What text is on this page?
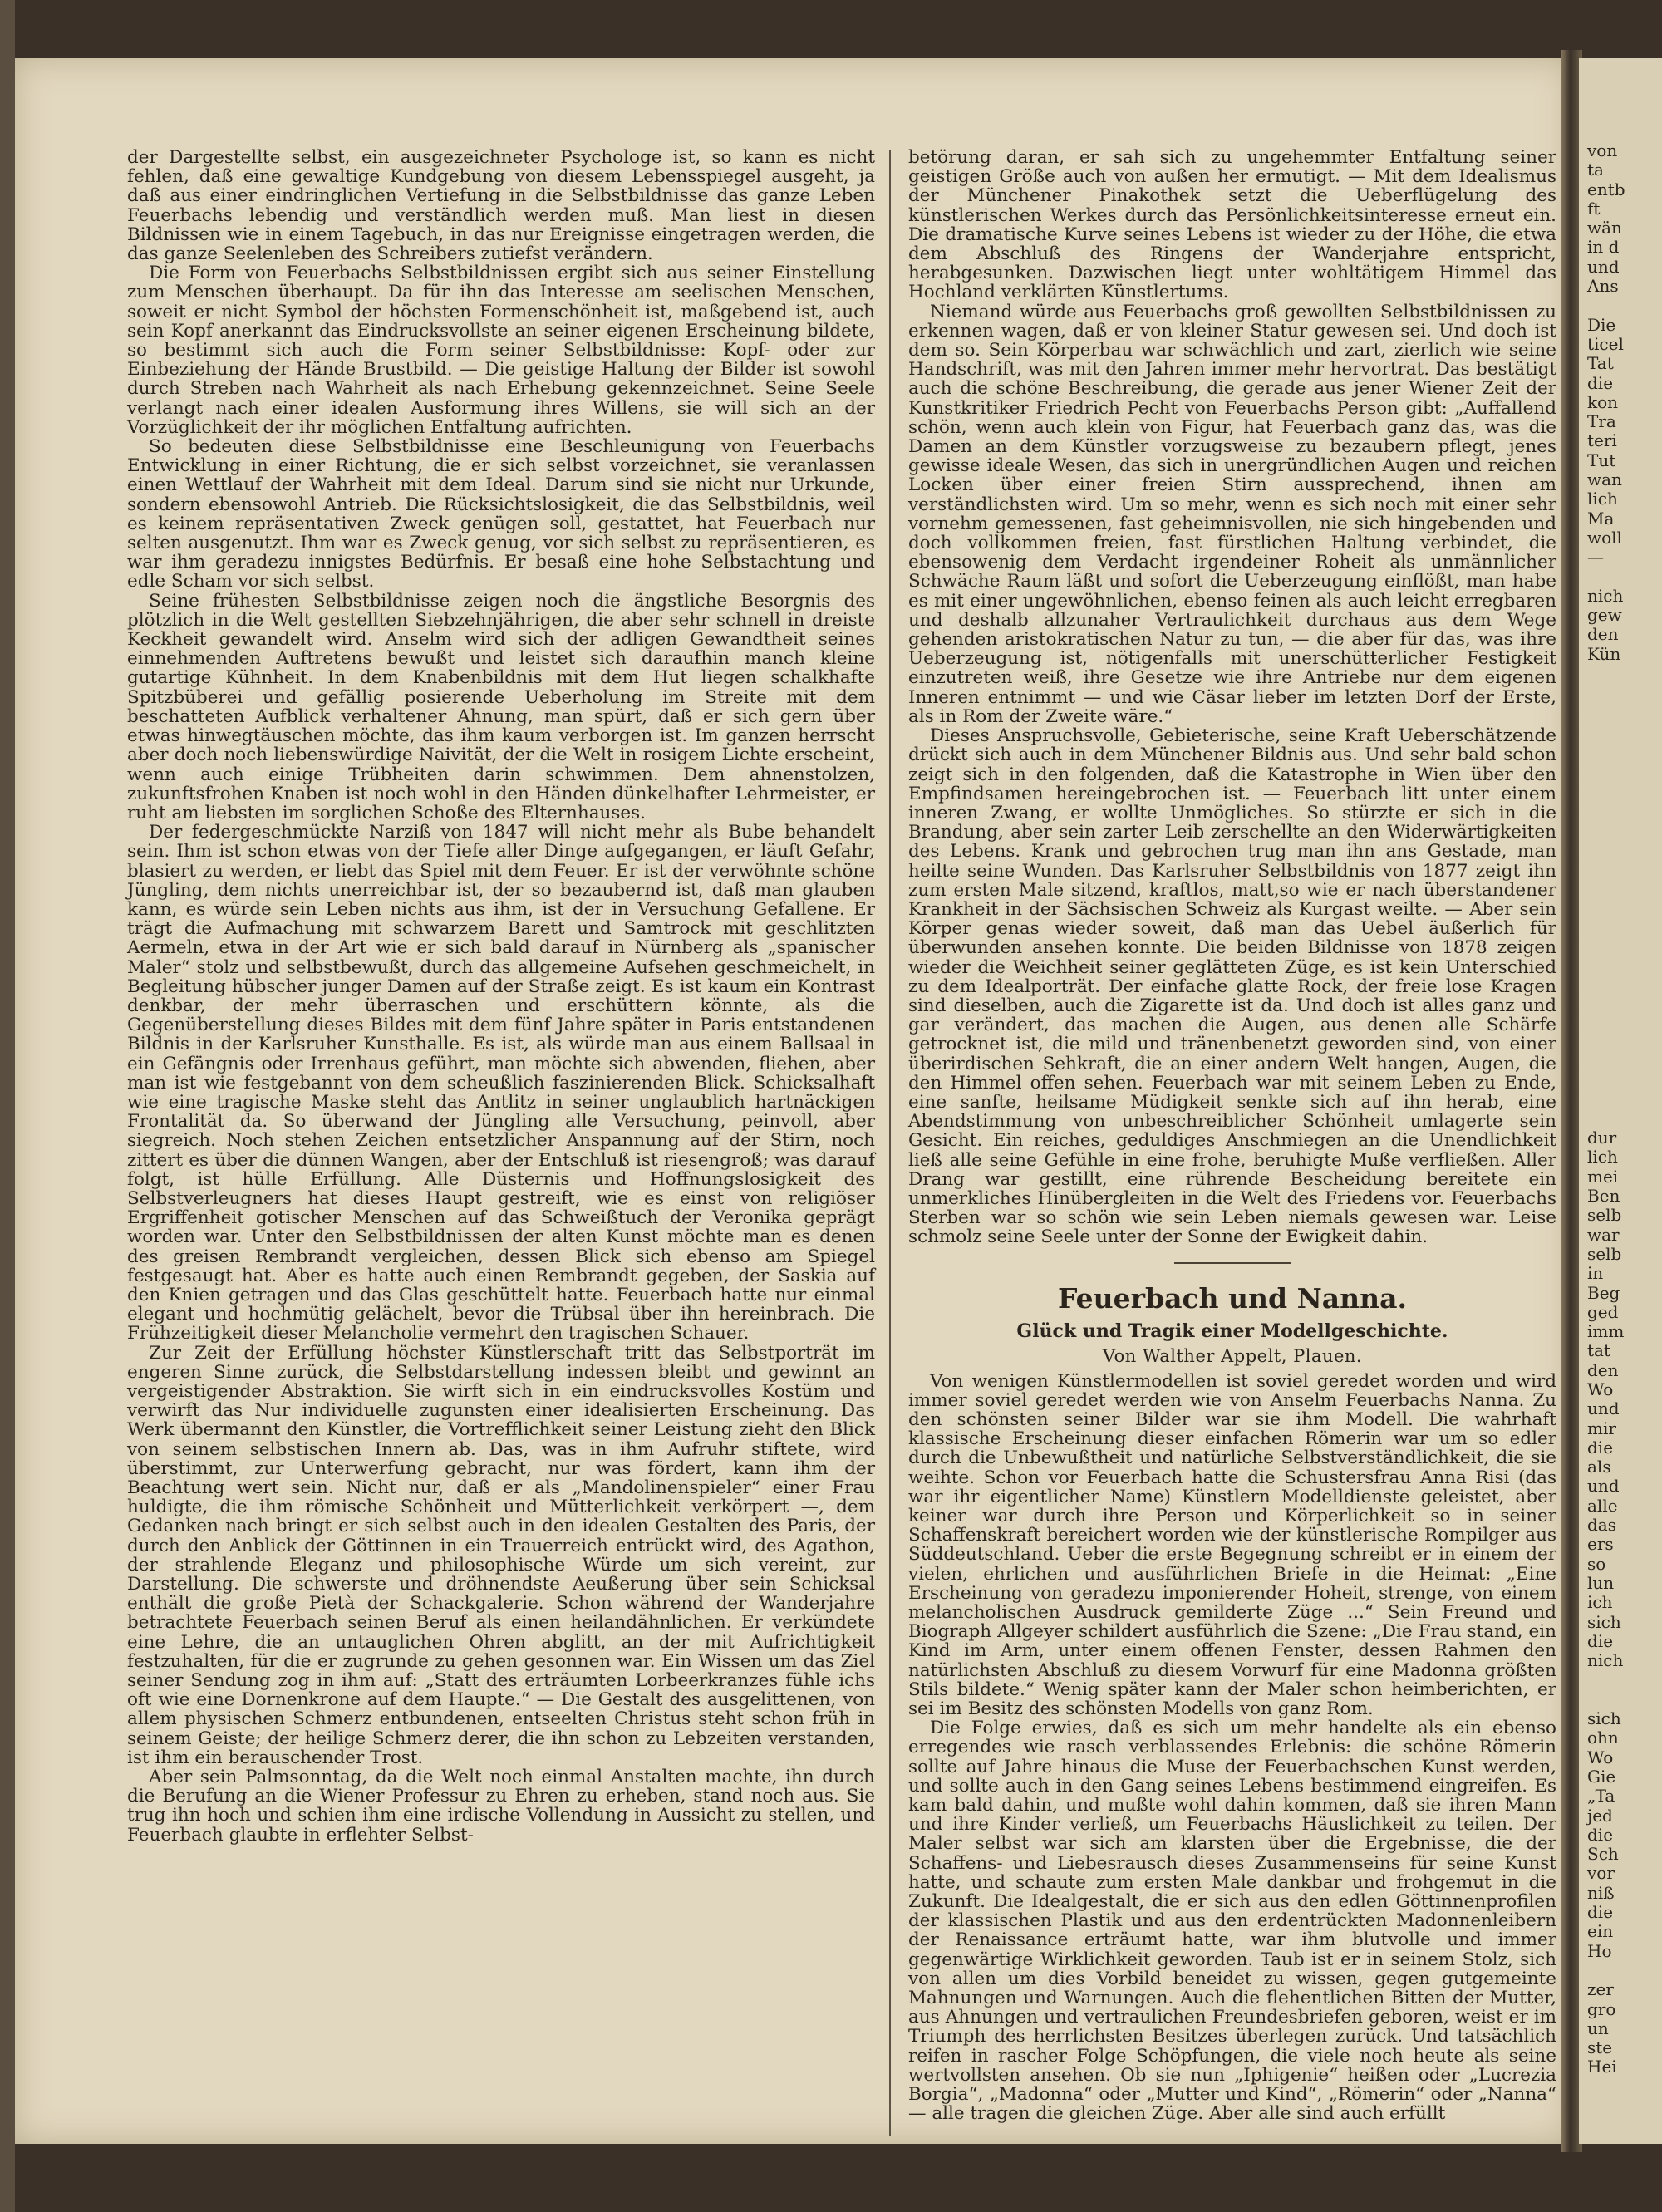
der Dargestellte selbst, ein ausgezeichneter Psychologe ist, so kann es nicht fehlen, daß eine gewaltige Kundgebung von diesem Lebensspiegel ausgeht, ja daß aus einer eindringlichen Vertiefung in die Selbstbildnisse das ganze Leben Feuerbachs lebendig und verständlich werden muß. Man liest in diesen Bildnissen wie in einem Tagebuch, in das nur Ereignisse eingetragen werden, die das ganze Seelenleben des Schreibers zutiefst verändern.

Die Form von Feuerbachs Selbstbildnissen ergibt sich aus seiner Einstellung zum Menschen überhaupt. Da für ihn das Interesse am seelischen Menschen, soweit er nicht Symbol der höchsten Formenschönheit ist, maßgebend ist, auch sein Kopf anerkannt das Eindrucksvollste an seiner eigenen Erscheinung bildete, so bestimmt sich auch die Form seiner Selbstbildnisse: Kopf- oder zur Einbeziehung der Hände Brustbild. — Die geistige Haltung der Bilder ist sowohl durch Streben nach Wahrheit als nach Erhebung gekennzeichnet. Seine Seele verlangt nach einer idealen Ausformung ihres Willens, sie will sich an der Vorzüglichkeit der ihr möglichen Entfaltung aufrichten.

So bedeuten diese Selbstbildnisse eine Beschleunigung von Feuerbachs Entwicklung in einer Richtung, die er sich selbst vorzeichnet, sie veranlassen einen Wettlauf der Wahrheit mit dem Ideal. Darum sind sie nicht nur Urkunde, sondern ebensowohl Antrieb. Die Rücksichtslosigkeit, die das Selbstbildnis, weil es keinem repräsentativen Zweck genügen soll, gestattet, hat Feuerbach nur selten ausgenutzt. Ihm war es Zweck genug, vor sich selbst zu repräsentieren, es war ihm geradezu innigstes Bedürfnis. Er besaß eine hohe Selbstachtung und edle Scham vor sich selbst.

Seine frühesten Selbstbildnisse zeigen noch die ängstliche Besorgnis des plötzlich in die Welt gestellten Siebzehnjährigen, die aber sehr schnell in dreiste Keckheit gewandelt wird. Anselm wird sich der adligen Gewandtheit seines einnehmenden Auftretens bewußt und leistet sich daraufhin manch kleine gutartige Kühnheit. In dem Knabenbildnis mit dem Hut liegen schalkhafte Spitzbüberei und gefällig posierende Ueberholung im Streite mit dem beschatteten Aufblick verhaltener Ahnung, man spürt, daß er sich gern über etwas hinwegtäuschen möchte, das ihm kaum verborgen ist. Im ganzen herrscht aber doch noch liebenswürdige Naivität, der die Welt in rosigem Lichte erscheint, wenn auch einige Trübheiten darin schwimmen. Dem ahnenstolzen, zukunftsfrohen Knaben ist noch wohl in den Händen dünkelhafter Lehrmeister, er ruht am liebsten im sorglichen Schoße des Elternhauses.

Der federgeschmückte Narziß von 1847 will nicht mehr als Bube behandelt sein. Ihm ist schon etwas von der Tiefe aller Dinge aufgegangen, er läuft Gefahr, blasiert zu werden, er liebt das Spiel mit dem Feuer. Er ist der verwöhnte schöne Jüngling, dem nichts unerreichbar ist, der so bezaubernd ist, daß man glauben kann, es würde sein Leben nichts aus ihm, ist der in Versuchung Gefallene. Er trägt die Aufmachung mit schwarzem Barett und Samtrock mit geschlitzten Aermeln, etwa in der Art wie er sich bald darauf in Nürnberg als „spanischer Maler“ stolz und selbstbewußt, durch das allgemeine Aufsehen geschmeichelt, in Begleitung hübscher junger Damen auf der Straße zeigt. Es ist kaum ein Kontrast denkbar, der mehr überraschen und erschüttern könnte, als die Gegenüberstellung dieses Bildes mit dem fünf Jahre später in Paris entstandenen Bildnis in der Karlsruher Kunsthalle. Es ist, als würde man aus einem Ballsaal in ein Gefängnis oder Irrenhaus geführt, man möchte sich abwenden, fliehen, aber man ist wie festgebannt von dem scheußlich faszinierenden Blick. Schicksalhaft wie eine tragische Maske steht das Antlitz in seiner unglaublich hartnäckigen Frontalität da. So überwand der Jüngling alle Versuchung, peinvoll, aber siegreich. Noch stehen Zeichen entsetzlicher Anspannung auf der Stirn, noch zittert es über die dünnen Wangen, aber der Entschluß ist riesengroß; was darauf folgt, ist hülle Erfüllung. Alle Düsternis und Hoffnungslosigkeit des Selbstverleugners hat dieses Haupt gestreift, wie es einst von religiöser Ergriffenheit gotischer Menschen auf das Schweißtuch der Veronika geprägt worden war. Unter den Selbstbildnissen der alten Kunst möchte man es denen des greisen Rembrandt vergleichen, dessen Blick sich ebenso am Spiegel festgesaugt hat. Aber es hatte auch einen Rembrandt gegeben, der Saskia auf den Knien getragen und das Glas geschüttelt hatte. Feuerbach hatte nur einmal elegant und hochmütig gelächelt, bevor die Trübsal über ihn hereinbrach. Die Frühzeitigkeit dieser Melancholie vermehrt den tragischen Schauer.

Zur Zeit der Erfüllung höchster Künstlerschaft tritt das Selbstporträt im engeren Sinne zurück, die Selbstdarstellung indessen bleibt und gewinnt an vergeistigender Abstraktion. Sie wirft sich in ein eindrucksvolles Kostüm und verwirft das Nur individuelle zugunsten einer idealisierten Erscheinung. Das Werk übermannt den Künstler, die Vortrefflichkeit seiner Leistung zieht den Blick von seinem selbstischen Innern ab. Das, was in ihm Aufruhr stiftete, wird überstimmt, zur Unterwerfung gebracht, nur was fördert, kann ihm der Beachtung wert sein. Nicht nur, daß er als „Mandolinenspieler“ einer Frau huldigte, die ihm römische Schönheit und Mütterlichkeit verkörpert —, dem Gedanken nach bringt er sich selbst auch in den idealen Gestalten des Paris, der durch den Anblick der Göttinnen in ein Trauerreich entrückt wird, des Agathon, der strahlende Eleganz und philosophische Würde um sich vereint, zur Darstellung. Die schwerste und dröhnendste Aeußerung über sein Schicksal enthält die große Pietà der Schackgalerie. Schon während der Wanderjahre betrachtete Feuerbach seinen Beruf als einen heilandähnlichen. Er verkündete eine Lehre, die an untauglichen Ohren abglitt, an der mit Aufrichtigkeit festzuhalten, für die er zugrunde zu gehen gesonnen war. Ein Wissen um das Ziel seiner Sendung zog in ihm auf: „Statt des erträumten Lorbeerkranzes fühle ichs oft wie eine Dornenkrone auf dem Haupte.“ — Die Gestalt des ausgelittenen, von allem physischen Schmerz entbundenen, entseelten Christus steht schon früh in seinem Geiste; der heilige Schmerz derer, die ihn schon zu Lebzeiten verstanden, ist ihm ein berauschender Trost.

Aber sein Palmsonntag, da die Welt noch einmal Anstalten machte, ihn durch die Berufung an die Wiener Professur zu Ehren zu erheben, stand noch aus. Sie trug ihn hoch und schien ihm eine irdische Vollendung in Aussicht zu stellen, und Feuerbach glaubte in erflehter Selbst-

betörung daran, er sah sich zu ungehemmter Entfaltung seiner geistigen Größe auch von außen her ermutigt. — Mit dem Idealismus der Münchener Pinakothek setzt die Ueberflügelung des künstlerischen Werkes durch das Persönlichkeitsinteresse erneut ein. Die dramatische Kurve seines Lebens ist wieder zu der Höhe, die etwa dem Abschluß des Ringens der Wanderjahre entspricht, herabgesunken. Dazwischen liegt unter wohltätigem Himmel das Hochland verklärten Künstlertums.

Niemand würde aus Feuerbachs groß gewollten Selbstbildnissen zu erkennen wagen, daß er von kleiner Statur gewesen sei. Und doch ist dem so. Sein Körperbau war schwächlich und zart, zierlich wie seine Handschrift, was mit den Jahren immer mehr hervortrat. Das bestätigt auch die schöne Beschreibung, die gerade aus jener Wiener Zeit der Kunstkritiker Friedrich Pecht von Feuerbachs Person gibt: „Auffallend schön, wenn auch klein von Figur, hat Feuerbach ganz das, was die Damen an dem Künstler vorzugsweise zu bezaubern pflegt, jenes gewisse ideale Wesen, das sich in unergründlichen Augen und reichen Locken über einer freien Stirn aussprechend, ihnen am verständlichsten wird. Um so mehr, wenn es sich noch mit einer sehr vornehm gemessenen, fast geheimnisvollen, nie sich hingebenden und doch vollkommen freien, fast fürstlichen Haltung verbindet, die ebensowenig dem Verdacht irgendeiner Roheit als unmännlicher Schwäche Raum läßt und sofort die Ueberzeugung einflößt, man habe es mit einer ungewöhnlichen, ebenso feinen als auch leicht erregbaren und deshalb allzunaher Vertraulichkeit durchaus aus dem Wege gehenden aristokratischen Natur zu tun, — die aber für das, was ihre Ueberzeugung ist, nötigenfalls mit unerschütterlicher Festigkeit einzutreten weiß, ihre Gesetze wie ihre Antriebe nur dem eigenen Inneren entnimmt — und wie Cäsar lieber im letzten Dorf der Erste, als in Rom der Zweite wäre.“

Dieses Anspruchsvolle, Gebieterische, seine Kraft Ueberschätzende drückt sich auch in dem Münchener Bildnis aus. Und sehr bald schon zeigt sich in den folgenden, daß die Katastrophe in Wien über den Empfindsamen hereingebrochen ist. — Feuerbach litt unter einem inneren Zwang, er wollte Unmögliches. So stürzte er sich in die Brandung, aber sein zarter Leib zerschellte an den Widerwärtigkeiten des Lebens. Krank und gebrochen trug man ihn ans Gestade, man heilte seine Wunden. Das Karlsruher Selbstbildnis von 1877 zeigt ihn zum ersten Male sitzend, kraftlos, matt,so wie er nach überstandener Krankheit in der Sächsischen Schweiz als Kurgast weilte. — Aber sein Körper genas wieder soweit, daß man das Uebel äußerlich für überwunden ansehen konnte. Die beiden Bildnisse von 1878 zeigen wieder die Weichheit seiner geglätteten Züge, es ist kein Unterschied zu dem Idealporträt. Der einfache glatte Rock, der freie lose Kragen sind dieselben, auch die Zigarette ist da. Und doch ist alles ganz und gar verändert, das machen die Augen, aus denen alle Schärfe getrocknet ist, die mild und tränenbenetzt geworden sind, von einer überirdischen Sehkraft, die an einer andern Welt hangen, Augen, die den Himmel offen sehen. Feuerbach war mit seinem Leben zu Ende, eine sanfte, heilsame Müdigkeit senkte sich auf ihn herab, eine Abendstimmung von unbeschreiblicher Schönheit umlagerte sein Gesicht. Ein reiches, geduldiges Anschmiegen an die Unendlichkeit ließ alle seine Gefühle in eine frohe, beruhigte Muße verfließen. Aller Drang war gestillt, eine rührende Bescheidung bereitete ein unmerkliches Hinübergleiten in die Welt des Friedens vor. Feuerbachs Sterben war so schön wie sein Leben niemals gewesen war. Leise schmolz seine Seele unter der Sonne der Ewigkeit dahin.

Feuerbach und Nanna.
Glück und Tragik einer Modellgeschichte.
Von Walther Appelt, Plauen.

Von wenigen Künstlermodellen ist soviel geredet worden und wird immer soviel geredet werden wie von Anselm Feuerbachs Nanna. Zu den schönsten seiner Bilder war sie ihm Modell. Die wahrhaft klassische Erscheinung dieser einfachen Römerin war um so edler durch die Unbewußtheit und natürliche Selbstverständlichkeit, die sie weihte. Schon vor Feuerbach hatte die Schustersfrau Anna Risi (das war ihr eigentlicher Name) Künstlern Modelldienste geleistet, aber keiner war durch ihre Person und Körperlichkeit so in seiner Schaffenskraft bereichert worden wie der künstlerische Rompilger aus Süddeutschland. Ueber die erste Begegnung schreibt er in einem der vielen, ehrlichen und ausführlichen Briefe in die Heimat: „Eine Erscheinung von geradezu imponierender Hoheit, strenge, von einem melancholischen Ausdruck gemilderte Züge ...“ Sein Freund und Biograph Allgeyer schildert ausführlich die Szene: „Die Frau stand, ein Kind im Arm, unter einem offenen Fenster, dessen Rahmen den natürlichsten Abschluß zu diesem Vorwurf für eine Madonna größten Stils bildete.“ Wenig später kann der Maler schon heimberichten, er sei im Besitz des schönsten Modells von ganz Rom.

Die Folge erwies, daß es sich um mehr handelte als ein ebenso erregendes wie rasch verblassendes Erlebnis: die schöne Römerin sollte auf Jahre hinaus die Muse der Feuerbachschen Kunst werden, und sollte auch in den Gang seines Lebens bestimmend eingreifen. Es kam bald dahin, und mußte wohl dahin kommen, daß sie ihren Mann und ihre Kinder verließ, um Feuerbachs Häuslichkeit zu teilen. Der Maler selbst war sich am klarsten über die Ergebnisse, die der Schaffens- und Liebesrausch dieses Zusammenseins für seine Kunst hatte, und schaute zum ersten Male dankbar und frohgemut in die Zukunft. Die Idealgestalt, die er sich aus den edlen Göttinnenprofilen der klassischen Plastik und aus den erdentrückten Madonnenleibern der Renaissance erträumt hatte, war ihm blutvolle und immer gegenwärtige Wirklichkeit geworden. Taub ist er in seinem Stolz, sich von allen um dies Vorbild beneidet zu wissen, gegen gutgemeinte Mahnungen und Warnungen. Auch die flehentlichen Bitten der Mutter, aus Ahnungen und vertraulichen Freundesbriefen geboren, weist er im Triumph des herrlichsten Besitzes überlegen zurück. Und tatsächlich reifen in rascher Folge Schöpfungen, die viele noch heute als seine wertvollsten ansehen. Ob sie nun „Iphigenie“ heißen oder „Lucrezia Borgia“, „Madonna“ oder „Mutter und Kind“, „Römerin“ oder „Nanna“ — alle tragen die gleichen Züge. Aber alle sind auch erfüllt

von
ta
entb
ft
wän
in d
und
Ans
Die
ticel
Tat
die
kon
Tra
teri
Tut
wan
lich
Ma
woll
—
nich
gew
den
Kün
dur
lich
mei
Ben
selb
war
selb
in
Beg
ged
imm
tat
den
Wo
und
mir
die
als
und
alle
das
ers
so
lun
ich
sich
die
nich
sich
ohn
Wo
Gie
„Ta
jed
die
Sch
vor
niß
die
ein
Ho
zer
gro
un
ste
Hei
